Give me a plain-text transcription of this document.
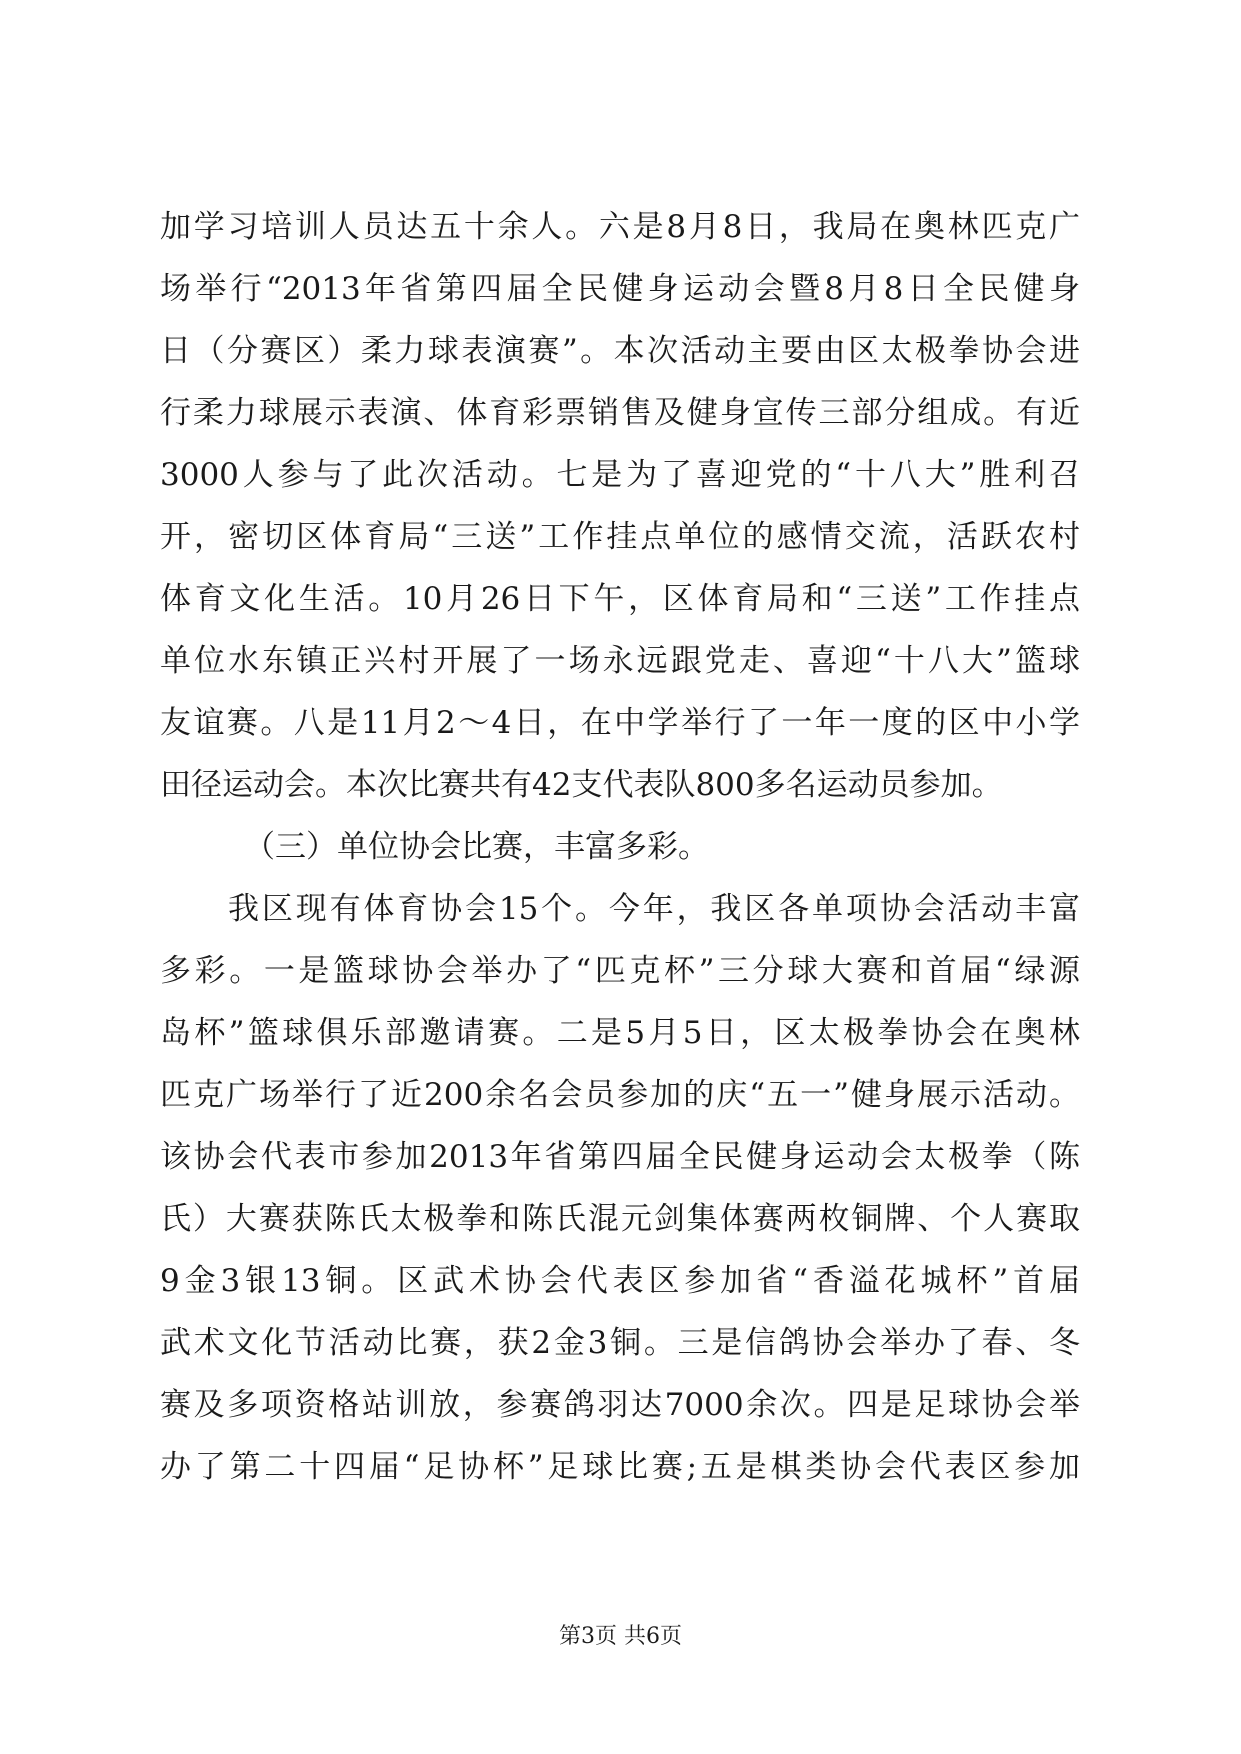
加学习培训人员达五十余人。六是8月8日，我局在奥林匹克广
场举行“2013年省第四届全民健身运动会暨8月8日全民健身
日（分赛区）柔力球表演赛”。本次活动主要由区太极拳协会进
行柔力球展示表演、体育彩票销售及健身宣传三部分组成。有近
3000人参与了此次活动。七是为了喜迎党的“十八大”胜利召
开，密切区体育局“三送”工作挂点单位的感情交流，活跃农村
体育文化生活。10月26日下午，区体育局和“三送”工作挂点
单位水东镇正兴村开展了一场永远跟党走、喜迎“十八大”篮球
友谊赛。八是11月2～4日，在中学举行了一年一度的区中小学
田径运动会。本次比赛共有42支代表队800多名运动员参加。
（三）单位协会比赛，丰富多彩。
我区现有体育协会15个。今年，我区各单项协会活动丰富
多彩。一是篮球协会举办了“匹克杯”三分球大赛和首届“绿源
岛杯”篮球俱乐部邀请赛。二是5月5日，区太极拳协会在奥林
匹克广场举行了近200余名会员参加的庆“五一”健身展示活动。
该协会代表市参加2013年省第四届全民健身运动会太极拳（陈
氏）大赛获陈氏太极拳和陈氏混元剑集体赛两枚铜牌、个人赛取
9金3银13铜。区武术协会代表区参加省“香溢花城杯”首届
武术文化节活动比赛，获2金3铜。三是信鸽协会举办了春、冬
赛及多项资格站训放，参赛鸽羽达7000余次。四是足球协会举
办了第二十四届“足协杯”足球比赛;五是棋类协会代表区参加
第3页 共6页
